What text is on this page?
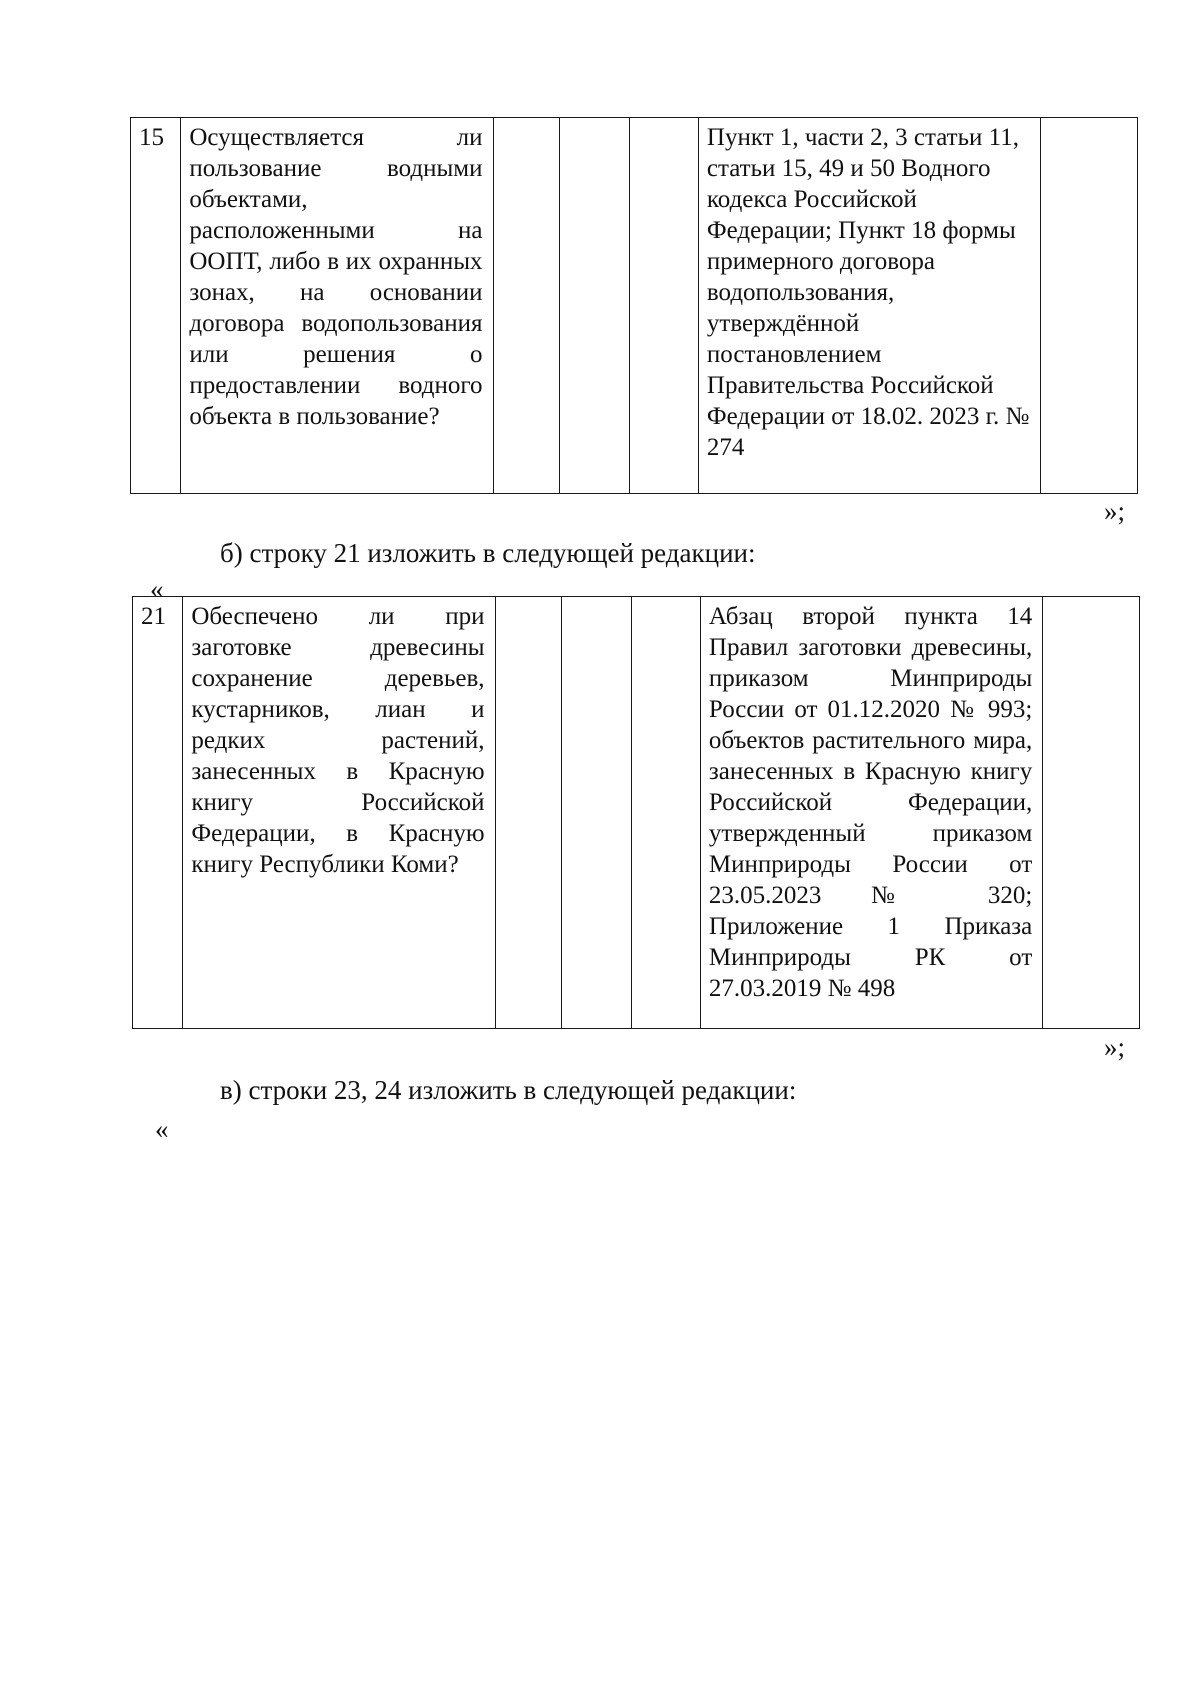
15	Осуществляется ли пользование водными объектами, расположенными на ООПТ, либо в их охранных зонах, на основании договора водопользования или решения о предоставлении водного объекта в пользование?				Пункт 1, части 2, 3 статьи 11, статьи 15, 49 и 50 Водного кодекса Российской Федерации; Пункт 18 формы примерного договора водопользования, утверждённой постановлением Правительства Российской Федерации от 18.02. 2023 г. № 274	
»;
б) строку 21 изложить в следующей редакции:
«
21	Обеспечено ли при заготовке древесины сохранение деревьев, кустарников, лиан и редких растений, занесенных в Красную книгу Российской Федерации, в Красную книгу Республики Коми?				Абзац второй пункта 14 Правил заготовки древесины, приказом Минприроды России от 01.12.2020 № 993; объектов растительного мира, занесенных в Красную книгу Российской Федерации, утвержденный приказом Минприроды России от 23.05.2023 № 320; Приложение 1 Приказа Минприроды РК от 27.03.2019 № 498	
»;
в) строки 23, 24 изложить в следующей редакции:
«
